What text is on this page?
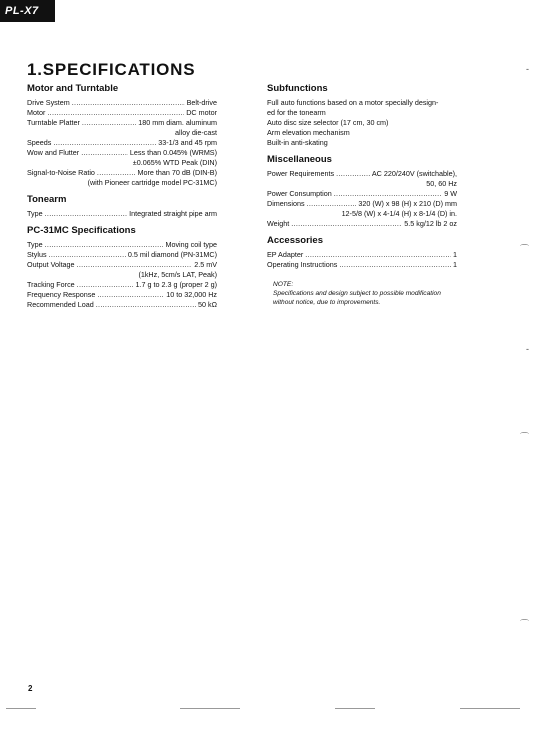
PL-X7
1.SPECIFICATIONS
Motor and Turntable
Drive System .....	Belt-drive
Motor .....	DC motor
Turntable Platter .....	180 mm diam. aluminum
alloy die-cast
Speeds .....	33-1/3 and 45 rpm
Wow and Flutter .....	Less than 0.045% (WRMS)
±0.065% WTD Peak (DIN)
Signal-to-Noise Ratio .....	More than 70 dB (DIN-B)
(with Pioneer cartridge model PC-31MC)
Tonearm
Type .....	Integrated straight pipe arm
PC-31MC Specifications
Type .....	Moving coil type
Stylus .....	0.5 mil diamond (PN-31MC)
Output Voltage .....	2.5 mV
(1kHz, 5cm/s LAT, Peak)
Tracking Force .....	1.7 g to 2.3 g (proper 2 g)
Frequency Response .....	10 to 32,000 Hz
Recommended Load .....	50 kΩ
Subfunctions
Full auto functions based on a motor specially design-
ed for the tonearm
Auto disc size selector (17 cm, 30 cm)
Arm elevation mechanism
Built-in anti-skating
Miscellaneous
Power Requirements .....	AC 220/240V (switchable),
50, 60 Hz
Power Consumption .....	9 W
Dimensions .....	320 (W) x 98 (H) x 210 (D) mm
12-5/8 (W) x 4-1/4 (H) x 8-1/4 (D) in.
Weight .....	5.5 kg/12 lb 2 oz
Accessories
EP Adapter .....	1
Operating Instructions .....	1
NOTE:
Specifications and design subject to possible modification
without notice, due to improvements.
2
-
⌒
-
⌒
⌒
